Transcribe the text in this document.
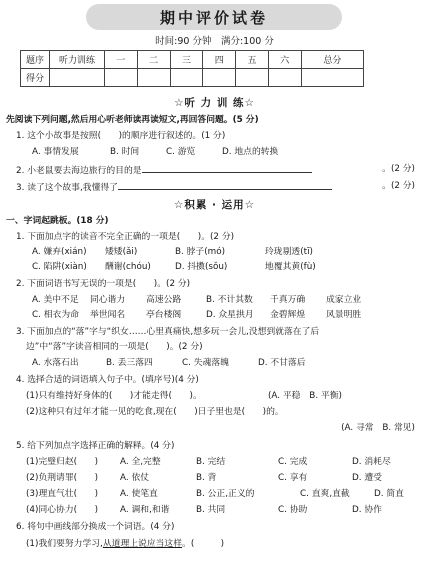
期中评价试卷
时间:90 分钟　满分:100 分
题序	听力训练	一	二	三	四	五	六	总分
得分								
☆听 力 训 练☆
先阅读下列问题,然后用心听老师读再读短文,再回答问题。(5 分)
1. 这个小故事是按照(　　)的顺序进行叙述的。(1 分)
A. 事情发展	B. 时间	C. 游览	D. 地点的转换
2. 小老鼠要去海边旅行的目的是	。(2 分)
3. 读了这个故事,我懂得了	。(2 分)
☆积累 · 运用☆
一、字词起跳板。(18 分)
1. 下面加点字的读音不完全正确的一项是(　　)。(2 分)
A. 嫌弃(xián)	矮矮(ǎi)	B. 脖子(mó)	玲珑剔透(tī)
C. 陷阱(xiàn)	酬谢(chóu)	D. 抖擞(sǒu)	地覆其黄(fù)
2. 下面词语书写无误的一项是(　　)。(2 分)
A. 美中不足	同心谐力	高速公路	B. 不计其数	千真万确	成家立业
C. 相衣为命	举世闻名	亭台楼阁	D. 众星拱月	金碧辉煌	风景明胜
3. 下面加点的“落”字与“织女……心里真痛快,想多玩一会儿,没想到就落在了后
边”中“落”字读音相同的一项是(　　)。(2 分)
A. 水落石出	B. 丢三落四	C. 失魂落魄	D. 不甘落后
4. 选择合适的词语填入句子中。(填序号)(4 分)
(1)只有维持好身体的(　　)才能走得(　　)。	(A. 平稳　B. 平衡)
(2)这种只有过年才能一见的吃食,现在(　　)日子里也是(　　)的。
(A. 寻常　B. 常见)
5. 给下列加点字选择正确的解释。(4 分)
(1)完璧归赵(　　)	A. 全,完整	B. 完结	C. 完成	D. 消耗尽
(2)负荆请罪(　　)	A. 依仗	B. 背	C. 享有	D. 遭受
(3)理直气壮(　　)	A. 使笔直	B. 公正,正义的	C. 直爽,直截	D. 简直
(4)同心协力(　　)	A. 调和,和谐	B. 共同	C. 协助	D. 协作
6. 将句中画线部分换成一个词语。(4 分)
(1)我们要努力学习,从道理上说应当这样。(　　　)
